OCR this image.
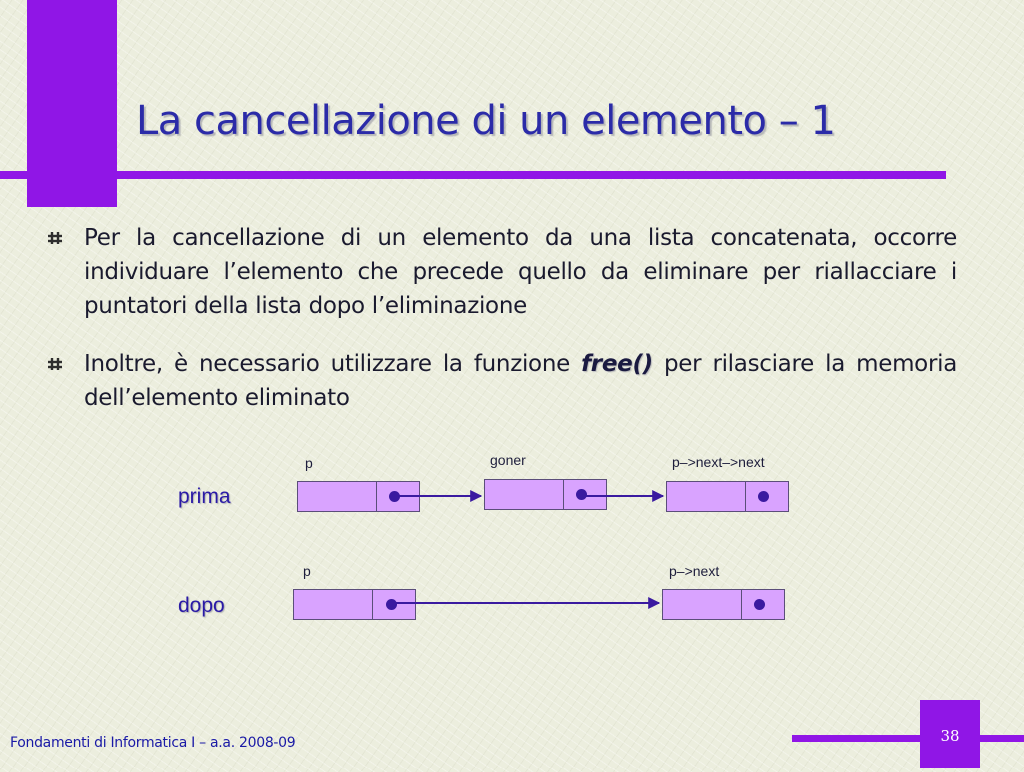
La cancellazione di un elemento – 1

Per la cancellazione di un elemento da una lista concatenata, occorre individuare l’elemento che precede quello da eliminare per riallacciare i puntatori della lista dopo l’eliminazione

Inoltre, è necessario utilizzare la funzione free() per rilasciare la memoria dell’elemento eliminato

prima
p	goner	p–>next–>next
dopo
p	p–>next
Fondamenti di Informatica I – a.a. 2008-09	38
